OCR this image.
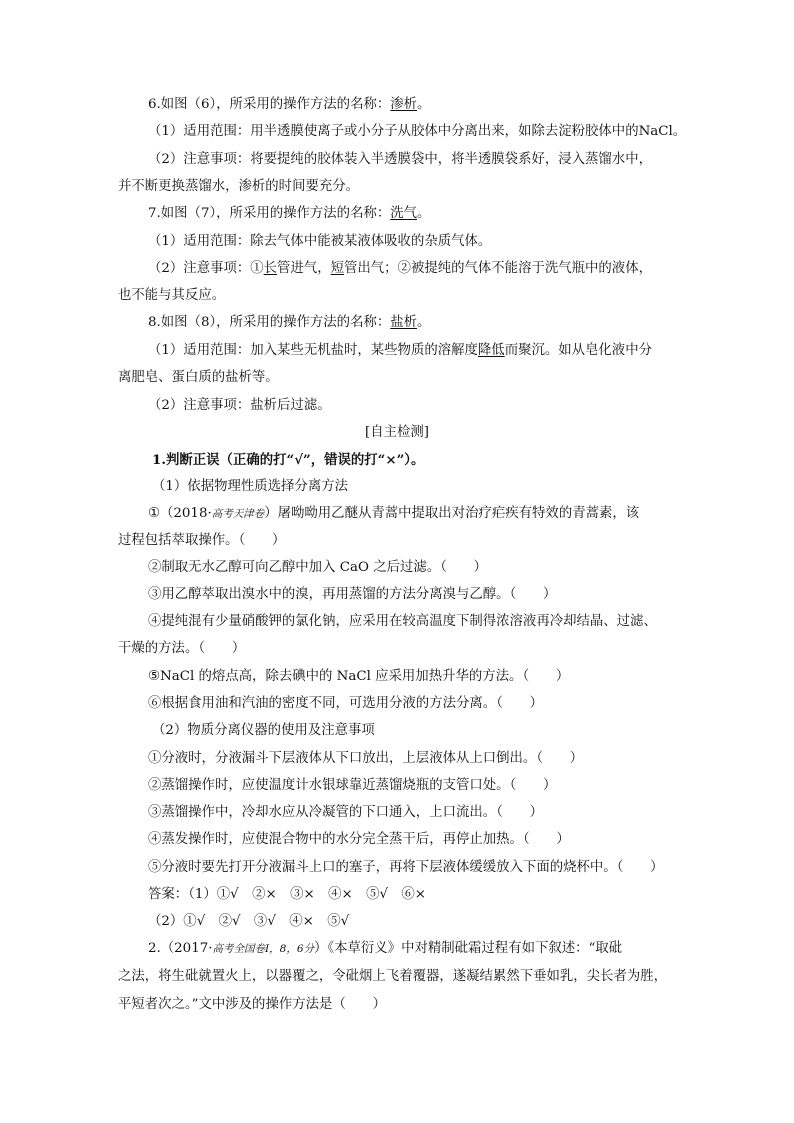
6.如图（6），所采用的操作方法的名称：渗析。
（1）适用范围：用半透膜使离子或小分子从胶体中分离出来，如除去淀粉胶体中的NaCl。
（2）注意事项：将要提纯的胶体装入半透膜袋中，将半透膜袋系好，浸入蒸馏水中，
并不断更换蒸馏水，渗析的时间要充分。
7.如图（7），所采用的操作方法的名称：洗气。
（1）适用范围：除去气体中能被某液体吸收的杂质气体。
（2）注意事项：①长管进气，短管出气；②被提纯的气体不能溶于洗气瓶中的液体，
也不能与其反应。
8.如图（8），所采用的操作方法的名称：盐析。
（1）适用范围：加入某些无机盐时，某些物质的溶解度降低而聚沉。如从皂化液中分
离肥皂、蛋白质的盐析等。
（2）注意事项：盐析后过滤。
[自主检测]
1.判断正误（正确的打“√”，错误的打“×”）。
（1）依据物理性质选择分离方法
①（2018·高考天津卷）屠呦呦用乙醚从青蒿中提取出对治疗疟疾有特效的青蒿素，该
过程包括萃取操作。（　　）
②制取无水乙醇可向乙醇中加入 CaO 之后过滤。（　　）
③用乙醇萃取出溴水中的溴，再用蒸馏的方法分离溴与乙醇。（　　）
④提纯混有少量硝酸钾的氯化钠，应采用在较高温度下制得浓溶液再冷却结晶、过滤、
干燥的方法。（　　）
⑤NaCl 的熔点高，除去碘中的 NaCl 应采用加热升华的方法。（　　）
⑥根据食用油和汽油的密度不同，可选用分液的方法分离。（　　）
（2）物质分离仪器的使用及注意事项
①分液时，分液漏斗下层液体从下口放出，上层液体从上口倒出。（　　）
②蒸馏操作时，应使温度计水银球靠近蒸馏烧瓶的支管口处。（　　）
③蒸馏操作中，冷却水应从冷凝管的下口通入，上口流出。（　　）
④蒸发操作时，应使混合物中的水分完全蒸干后，再停止加热。（　　）
⑤分液时要先打开分液漏斗上口的塞子，再将下层液体缓缓放入下面的烧杯中。（　　）
答案：（1）①√　②×　③×　④×　⑤√　⑥×
（2）①√　②√　③√　④×　⑤√
2.（2017·高考全国卷Ⅰ，8，6分）《本草衍义》中对精制砒霜过程有如下叙述：“取砒
之法，将生砒就置火上，以器覆之，令砒烟上飞着覆器，遂凝结累然下垂如乳，尖长者为胜，
平短者次之。”文中涉及的操作方法是（　　）
